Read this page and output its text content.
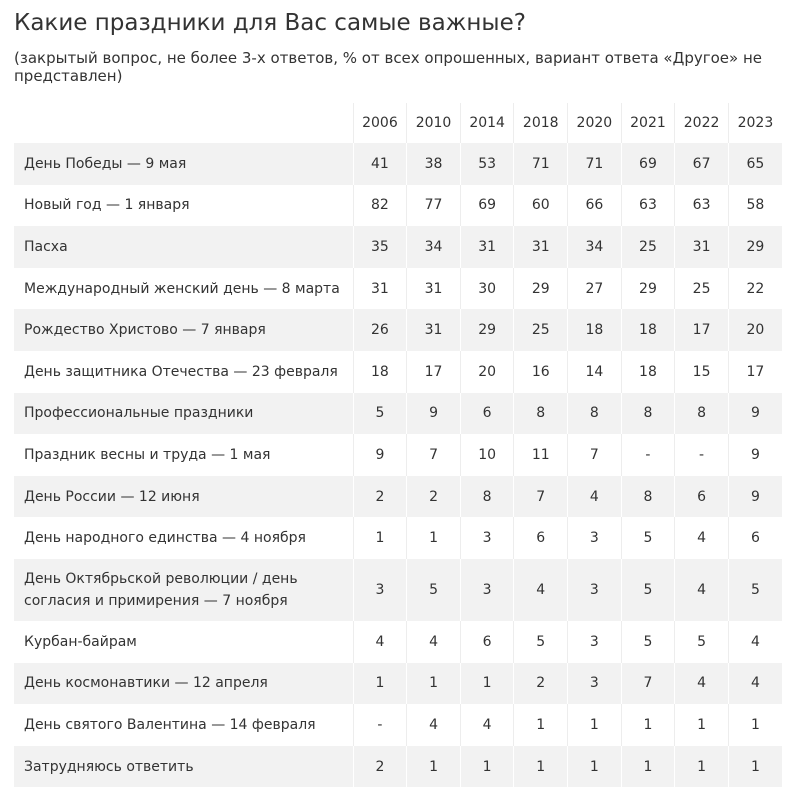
Какие праздники для Вас самые важные?

(закрытый вопрос, не более 3-х ответов, % от всех опрошенных, вариант ответа «Другое» не представлен)

	2006	2010	2014	2018	2020	2021	2022	2023
День Победы — 9 мая	41	38	53	71	71	69	67	65
Новый год — 1 января	82	77	69	60	66	63	63	58
Пасха	35	34	31	31	34	25	31	29
Международный женский день — 8 марта	31	31	30	29	27	29	25	22
Рождество Христово — 7 января	26	31	29	25	18	18	17	20
День защитника Отечества — 23 февраля	18	17	20	16	14	18	15	17
Профессиональные праздники	5	9	6	8	8	8	8	9
Праздник весны и труда — 1 мая	9	7	10	11	7	-	-	9
День России — 12 июня	2	2	8	7	4	8	6	9
День народного единства — 4 ноября	1	1	3	6	3	5	4	6
День Октябрьской революции / день согласия и примирения — 7 ноября	3	5	3	4	3	5	4	5
Курбан-байрам	4	4	6	5	3	5	5	4
День космонавтики — 12 апреля	1	1	1	2	3	7	4	4
День святого Валентина — 14 февраля	-	4	4	1	1	1	1	1
Затрудняюсь ответить	2	1	1	1	1	1	1	1
